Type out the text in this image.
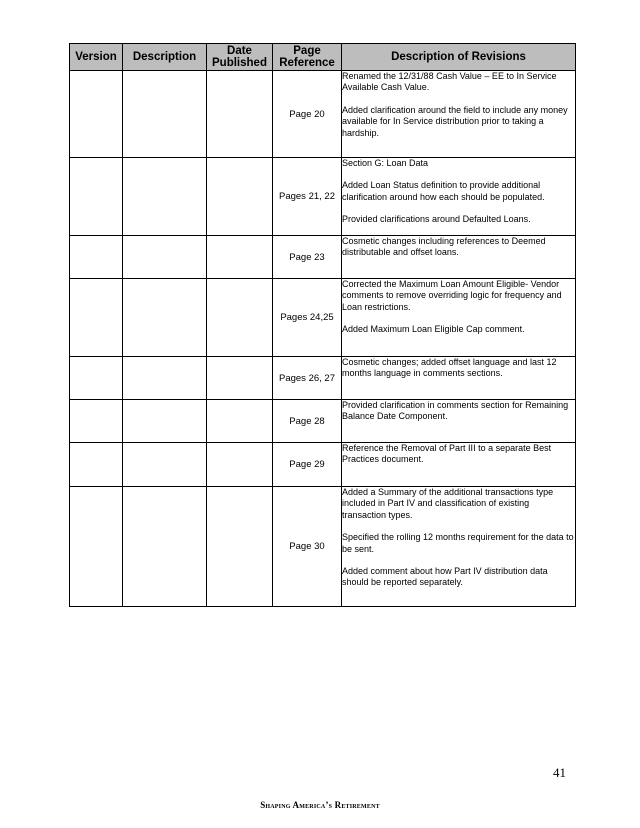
Version	Description	Date Published	Page Reference	Description of Revisions
			Page 20	Renamed the 12/31/88 Cash Value – EE to In Service Available Cash Value.

Added clarification around the field to include any money available for In Service distribution prior to taking a hardship.

			Pages 21, 22	Section G: Loan Data

Added Loan Status definition to provide additional clarification around how each should be populated.

Provided clarifications around Defaulted Loans.

			Page 23	Cosmetic changes including references to Deemed distributable and offset loans.

			Pages 24,25	Corrected the Maximum Loan Amount Eligible- Vendor comments to remove overriding logic for frequency and Loan restrictions.

Added Maximum Loan Eligible Cap comment.

			Pages 26, 27	Cosmetic changes; added offset language and last 12 months language in comments sections.

			Page 28	Provided clarification in comments section for Remaining Balance Date Component.

			Page 29	Reference the Removal of Part III to a separate Best Practices document.

			Page 30	Added a Summary of the additional transactions type included in Part IV and classification of existing transaction types.

Specified the rolling 12 months requirement for the data to be sent.

Added comment about how Part IV distribution data should be reported separately.

41
Shaping America’s Retirement
